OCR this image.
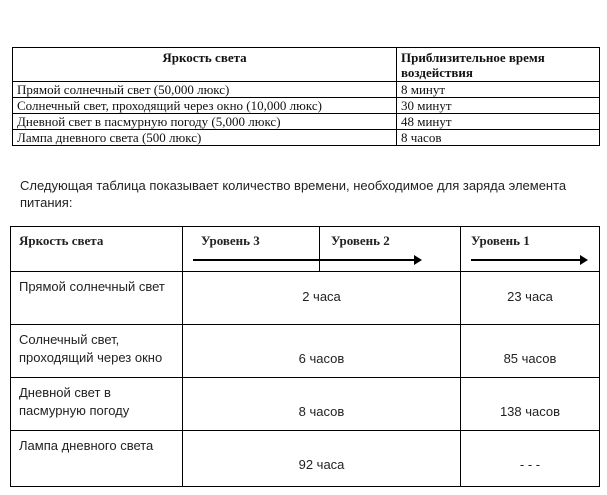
Яркость света	Приблизительное время воздействия
Прямой солнечный свет (50,000 люкс)	8 минут
Солнечный свет, проходящий через окно (10,000 люкс)	30 минут
Дневной свет в пасмурную погоду (5,000 люкс)	48 минут
Лампа дневного света (500 люкс)	8 часов

Следующая таблица показывает количество времени, необходимое для заряда элемента питания:

Яркость света	Уровень 3 Уровень 2	Уровень 1

Прямой солнечный свет	2 часа	23 часа

Солнечный свет, проходящий через окно	6 часов	85 часов

Дневной свет в пасмурную погоду	8 часов	138 часов

Лампа дневного света	92 часа	- - -
